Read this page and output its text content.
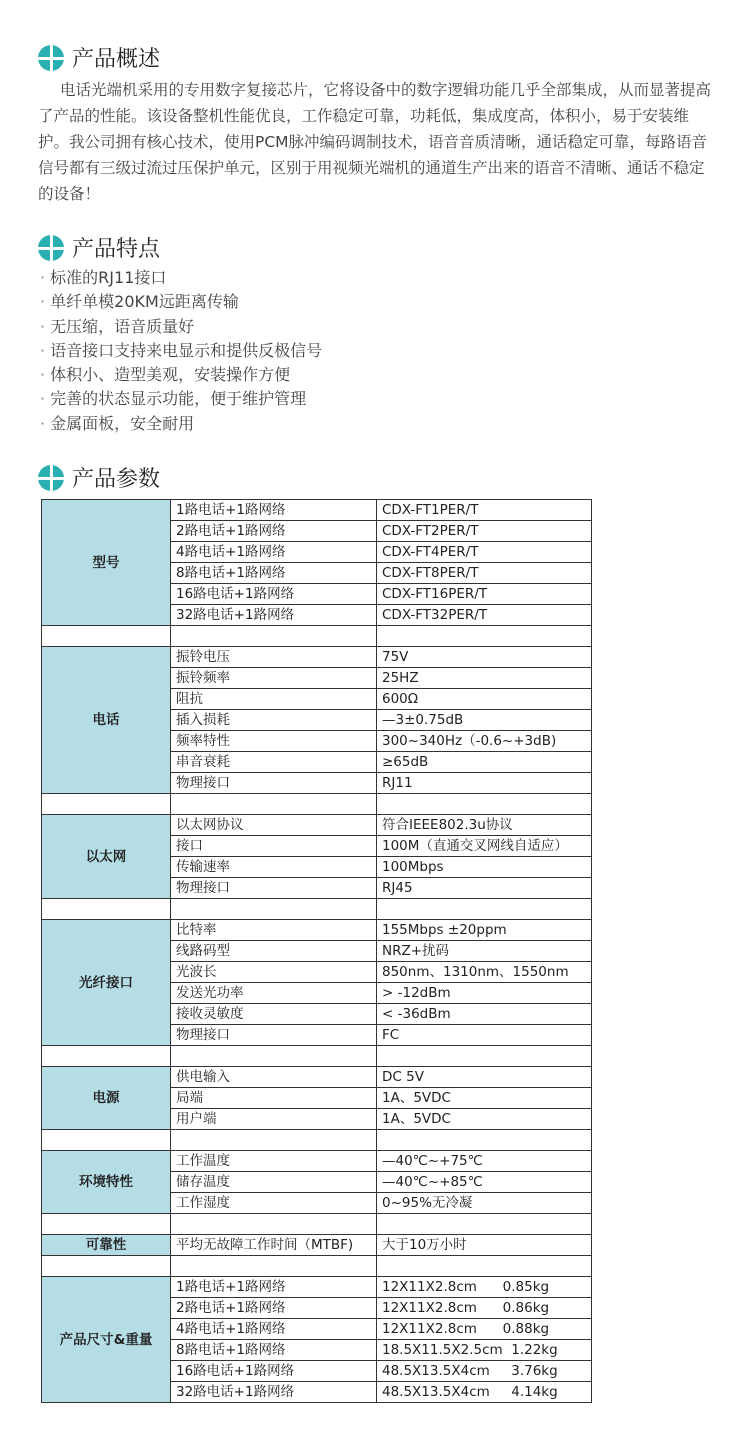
产品概述
电话光端机采用的专用数字复接芯片，它将设备中的数字逻辑功能几乎全部集成，从而显著提高了产品的性能。该设备整机性能优良，工作稳定可靠，功耗低，集成度高，体积小，易于安装维护。我公司拥有核心技术，使用PCM脉冲编码调制技术，语音音质清晰，通话稳定可靠，每路语音信号都有三级过流过压保护单元，区别于用视频光端机的通道生产出来的语音不清晰、通话不稳定的设备！
产品特点
· 标准的RJ11接口
· 单纤单模20KM远距离传输
· 无压缩，语音质量好
· 语音接口支持来电显示和提供反极信号
· 体积小、造型美观，安装操作方便
· 完善的状态显示功能，便于维护管理
· 金属面板，安全耐用
产品参数
型号	1路电话+1路网络	CDX-FT1PER/T
	2路电话+1路网络	CDX-FT2PER/T
	4路电话+1路网络	CDX-FT4PER/T
	8路电话+1路网络	CDX-FT8PER/T
	16路电话+1路网络	CDX-FT16PER/T
	32路电话+1路网络	CDX-FT32PER/T

电话	振铃电压	75V
	振铃频率	25HZ
	阻抗	600Ω
	插入损耗	—3±0.75dB
	频率特性	300~340Hz（-0.6~+3dB)
	串音衰耗	≥65dB
	物理接口	RJ11

以太网	以太网协议	符合IEEE802.3u协议
	接口	100M（直通交叉网线自适应）
	传输速率	100Mbps
	物理接口	RJ45

光纤接口	比特率	155Mbps ±20ppm
	线路码型	NRZ+扰码
	光波长	850nm、1310nm、1550nm
	发送光功率	> -12dBm
	接收灵敏度	< -36dBm
	物理接口	FC

电源	供电输入	DC 5V
	局端	1A、5VDC
	用户端	1A、5VDC

环境特性	工作温度	—40℃~+75℃
	储存温度	—40℃~+85℃
	工作湿度	0~95%无冷凝

可靠性	平均无故障工作时间（MTBF)	大于10万小时

产品尺寸&重量	1路电话+1路网络	12X11X2.8cm      0.85kg
	2路电话+1路网络	12X11X2.8cm      0.86kg
	4路电话+1路网络	12X11X2.8cm      0.88kg
	8路电话+1路网络	18.5X11.5X2.5cm  1.22kg
	16路电话+1路网络	48.5X13.5X4cm     3.76kg
	32路电话+1路网络	48.5X13.5X4cm     4.14kg
